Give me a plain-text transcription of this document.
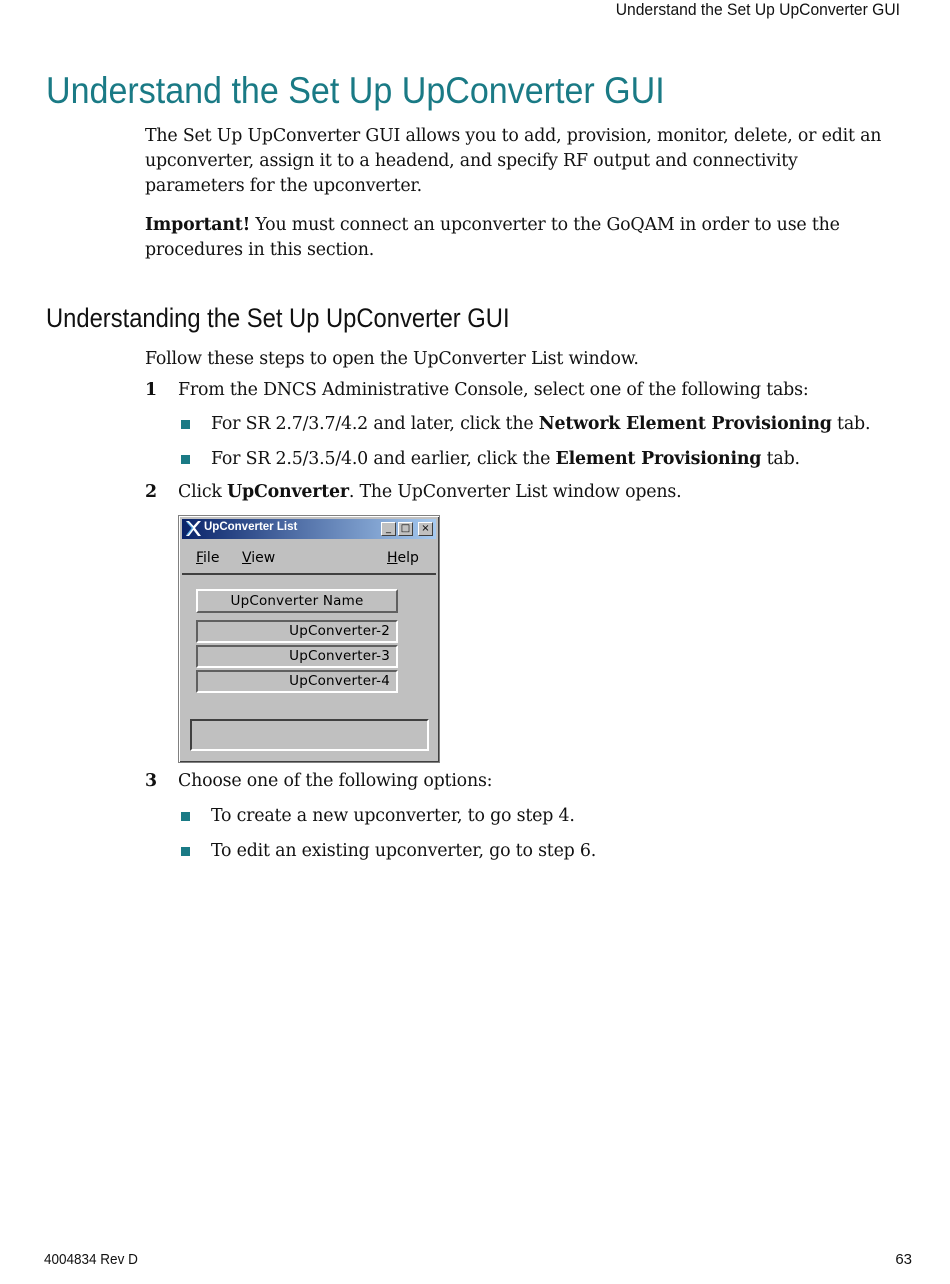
Understand the Set Up UpConverter GUI
Understand the Set Up UpConverter GUI

The Set Up UpConverter GUI allows you to add, provision, monitor, delete, or edit an upconverter, assign it to a headend, and specify RF output and connectivity parameters for the upconverter.

Important! You must connect an upconverter to the GoQAM in order to use the procedures in this section.

Understanding the Set Up UpConverter GUI

Follow these steps to open the UpConverter List window.

1 From the DNCS Administrative Console, select one of the following tabs:
For SR 2.7/3.7/4.2 and later, click the Network Element Provisioning tab.
For SR 2.5/3.5/4.0 and earlier, click the Element Provisioning tab.
2 Click UpConverter. The UpConverter List window opens.
UpConverter List	_ □	×
File View	Help
UpConverter Name
UpConverter-2
UpConverter-3
UpConverter-4
3 Choose one of the following options:
To create a new upconverter, to go step 4.
To edit an existing upconverter, go to step 6.
4004834 Rev D	63
